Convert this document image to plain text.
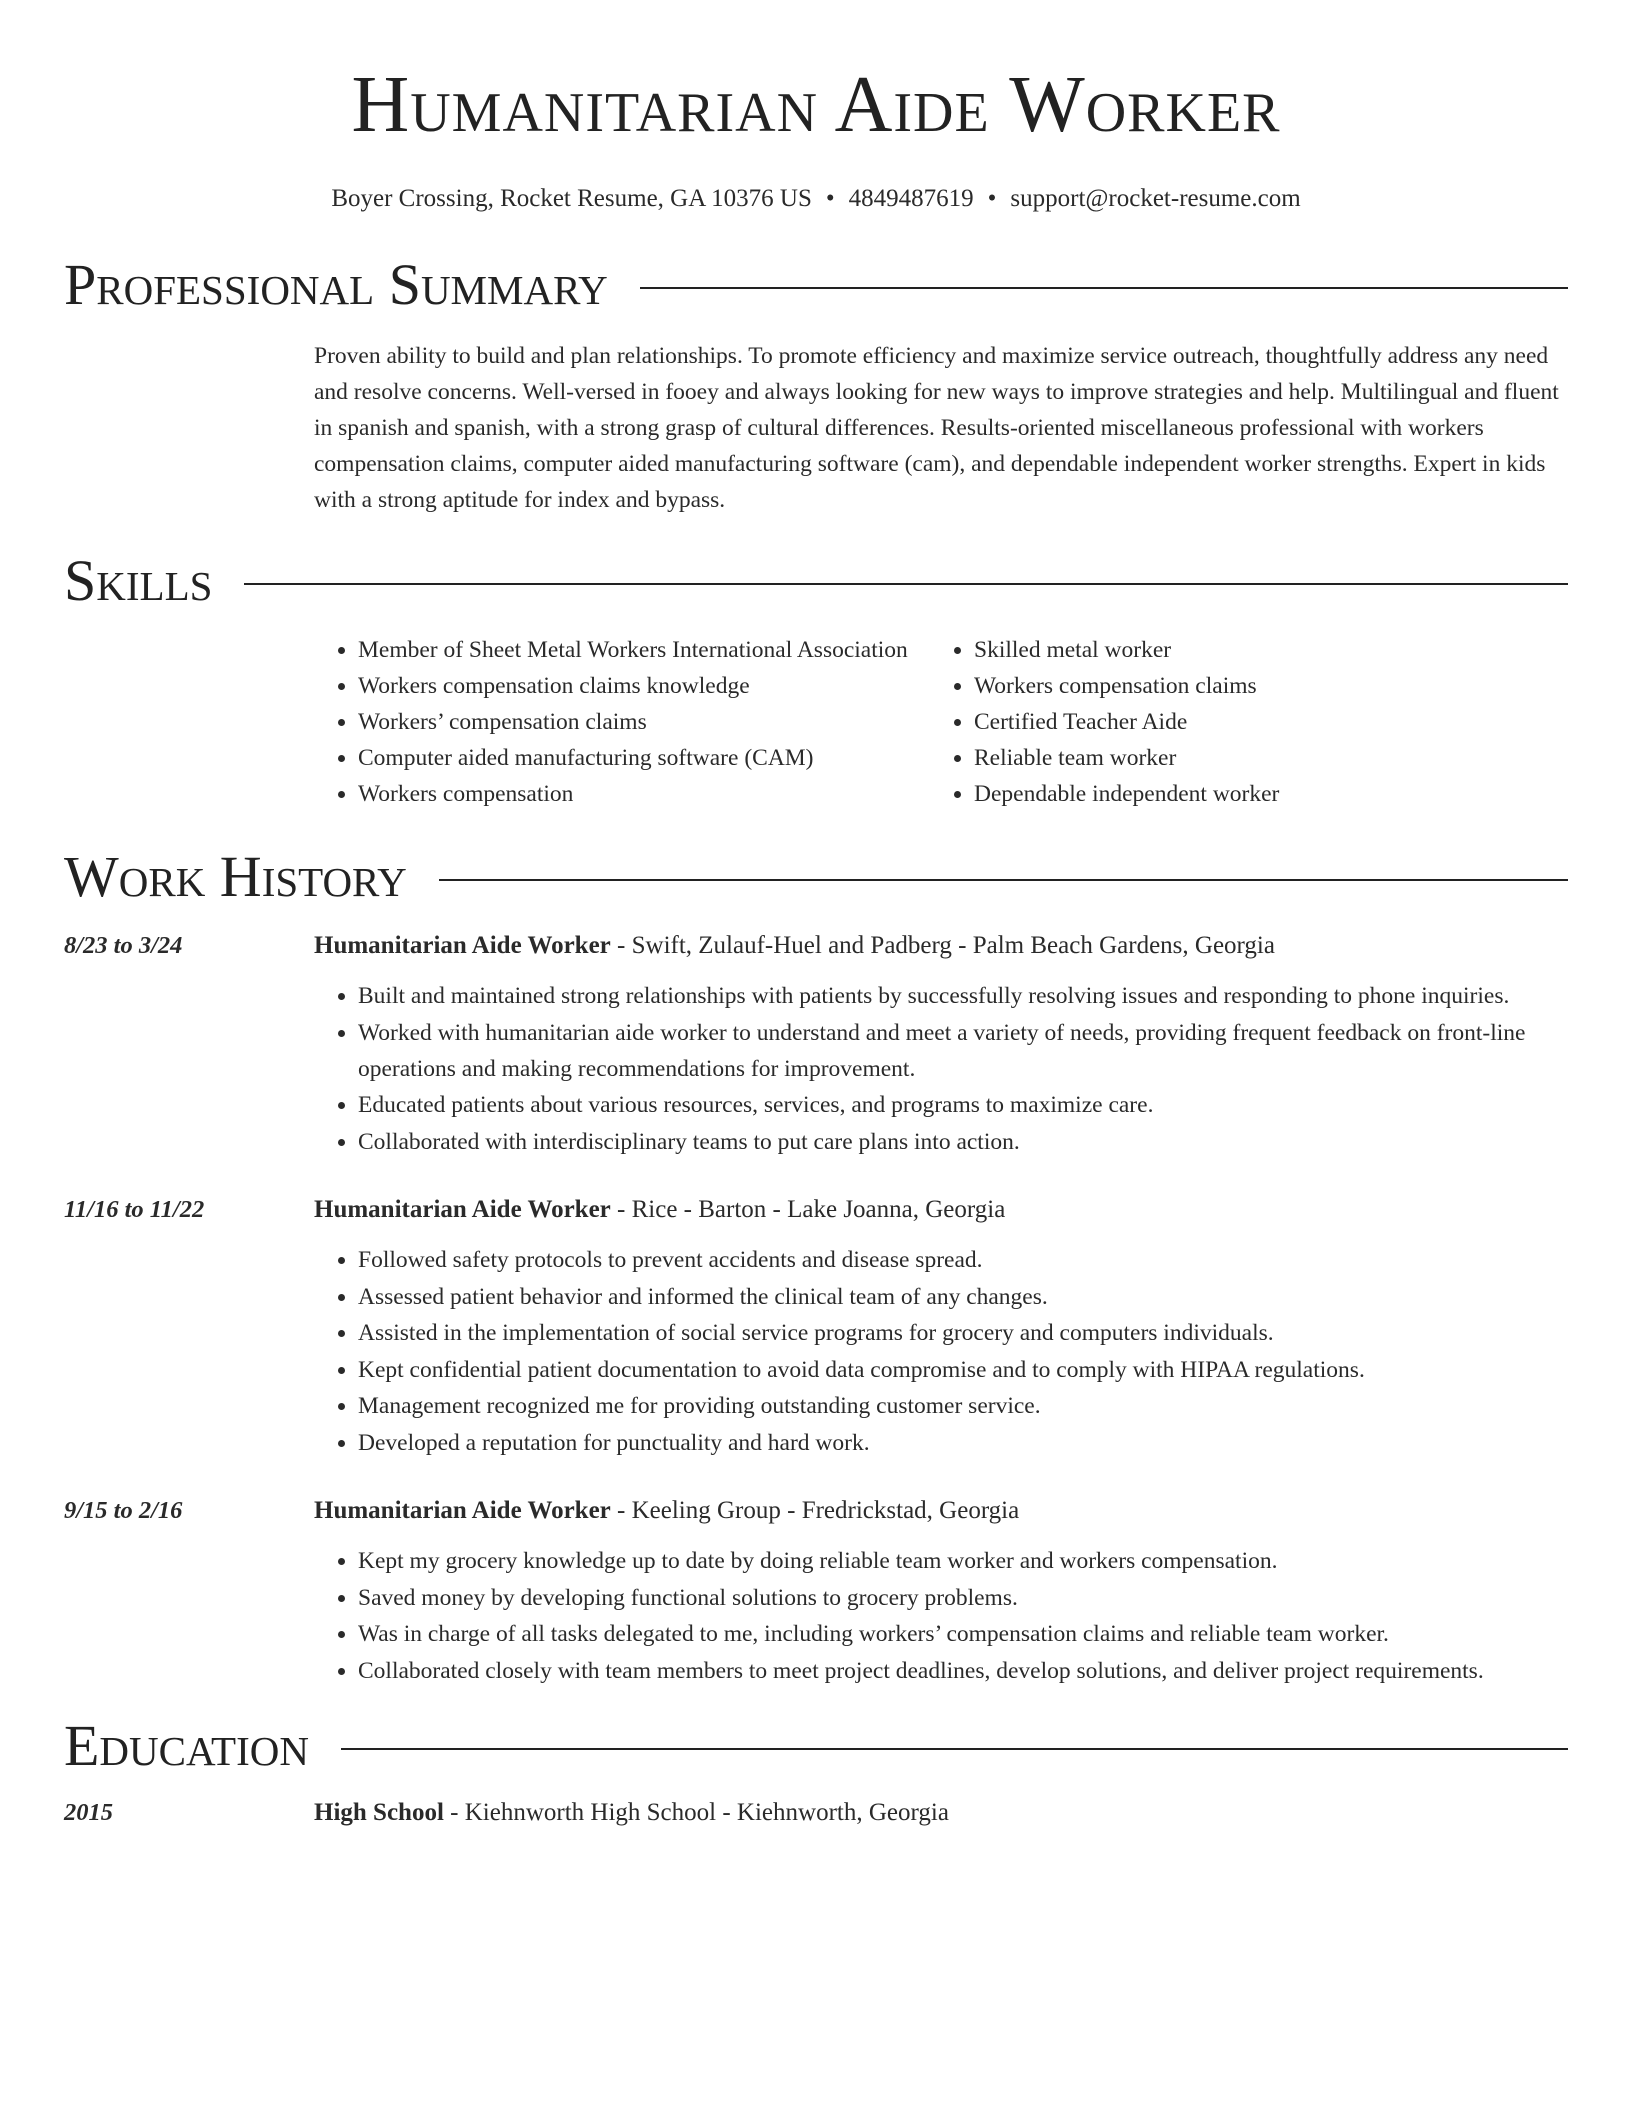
Humanitarian Aide Worker
Boyer Crossing, Rocket Resume, GA 10376 US • 4849487619 • support@rocket-resume.com
Professional Summary

Proven ability to build and plan relationships. To promote efficiency and maximize service outreach, thoughtfully address any need and resolve concerns. Well-versed in fooey and always looking for new ways to improve strategies and help. Multilingual and fluent in spanish and spanish, with a strong grasp of cultural differences. Results-oriented miscellaneous professional with workers compensation claims, computer aided manufacturing software (cam), and dependable independent worker strengths. Expert in kids with a strong aptitude for index and bypass.

Skills
• Member of Sheet Metal Workers International Association
• Workers compensation claims knowledge
• Workers’ compensation claims
• Computer aided manufacturing software (CAM)
• Workers compensation
• Skilled metal worker
• Workers compensation claims
• Certified Teacher Aide
• Reliable team worker
• Dependable independent worker
Work History
8/23 to 3/24	Humanitarian Aide Worker - Swift, Zulauf-Huel and Padberg - Palm Beach Gardens, Georgia
• Built and maintained strong relationships with patients by successfully resolving issues and responding to phone inquiries.
• Worked with humanitarian aide worker to understand and meet a variety of needs, providing frequent feedback on front-line operations and making recommendations for improvement.
• Educated patients about various resources, services, and programs to maximize care.
• Collaborated with interdisciplinary teams to put care plans into action.
11/16 to 11/22	Humanitarian Aide Worker - Rice - Barton - Lake Joanna, Georgia
• Followed safety protocols to prevent accidents and disease spread.
• Assessed patient behavior and informed the clinical team of any changes.
• Assisted in the implementation of social service programs for grocery and computers individuals.
• Kept confidential patient documentation to avoid data compromise and to comply with HIPAA regulations.
• Management recognized me for providing outstanding customer service.
• Developed a reputation for punctuality and hard work.
9/15 to 2/16	Humanitarian Aide Worker - Keeling Group - Fredrickstad, Georgia
• Kept my grocery knowledge up to date by doing reliable team worker and workers compensation.
• Saved money by developing functional solutions to grocery problems.
• Was in charge of all tasks delegated to me, including workers’ compensation claims and reliable team worker.
• Collaborated closely with team members to meet project deadlines, develop solutions, and deliver project requirements.
Education
2015	High School - Kiehnworth High School - Kiehnworth, Georgia
